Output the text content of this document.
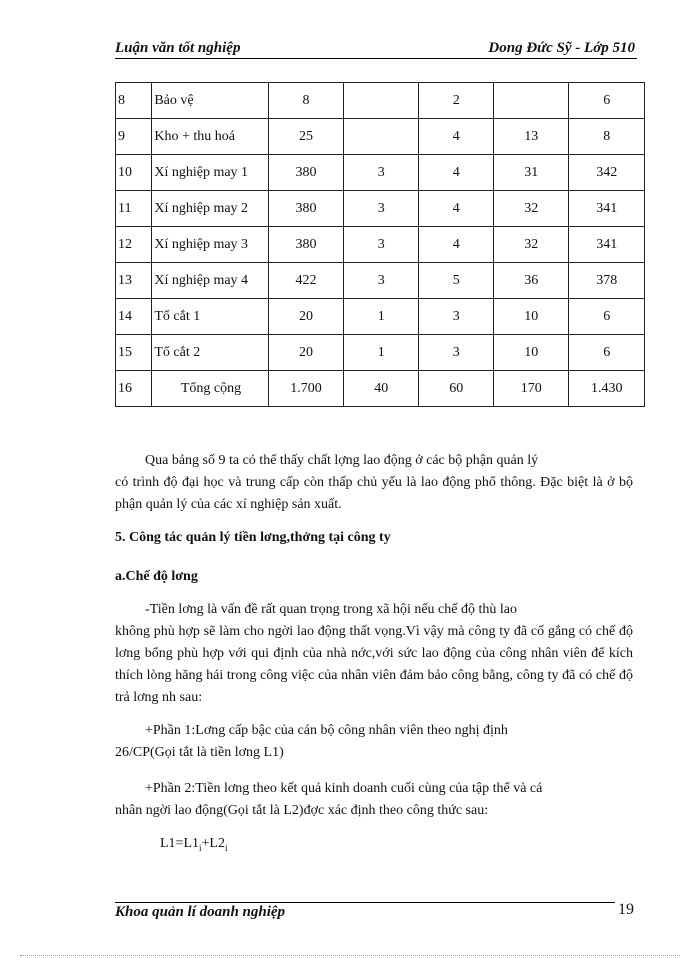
Luận văn tốt nghiệp	Dong Đức Sỹ - Lớp 510
8	Bảo vệ	8		2		6
9	Kho + thu hoá	25		4	13	8
10	Xí nghiệp may 1	380	3	4	31	342
11	Xí nghiệp may 2	380	3	4	32	341
12	Xí nghiệp may 3	380	3	4	32	341
13	Xí nghiệp may 4	422	3	5	36	378
14	Tổ cắt 1	20	1	3	10	6
15	Tổ cắt 2	20	1	3	10	6
16	Tổng cộng	1.700	40	60	170	1.430
Qua bảng số 9 ta có thể thấy chất lợng lao động ở các bộ phận quản lý
có trình độ đại học và trung cấp còn thấp chủ yếu là lao động phổ thông. Đặc biệt là ở bộ phận quản lý của các xí nghiệp sản xuất.
5. Công tác quản lý tiền lơng,thởng tại công ty
a.Chế độ lơng
-Tiền lơng là vấn đề rất quan trọng trong xã hội nếu chế độ thù lao
không phù hợp sẽ làm cho ngời lao động thất vọng.Vì vậy mà công ty đã cố gắng có chế độ lơng bổng phù hợp với qui định của nhà nớc,với sức lao động của công nhân viên để kích thích lòng hăng hái trong công việc của nhân viên đảm bảo công bằng, công ty đã có chế độ trả lơng nh sau:
+Phần 1:Lơng cấp bậc của cán bộ công nhân viên theo nghị định
26/CP(Gọi tắt là tiền lơng L1)
+Phần 2:Tiền lơng theo kết quả kinh doanh cuối cùng của tập thể và cá
nhân ngời lao động(Gọi tắt là L2)đợc xác định theo công thức sau:
$L1=L1_i+L2_i$
Khoa quản lí doanh nghiệp	19
